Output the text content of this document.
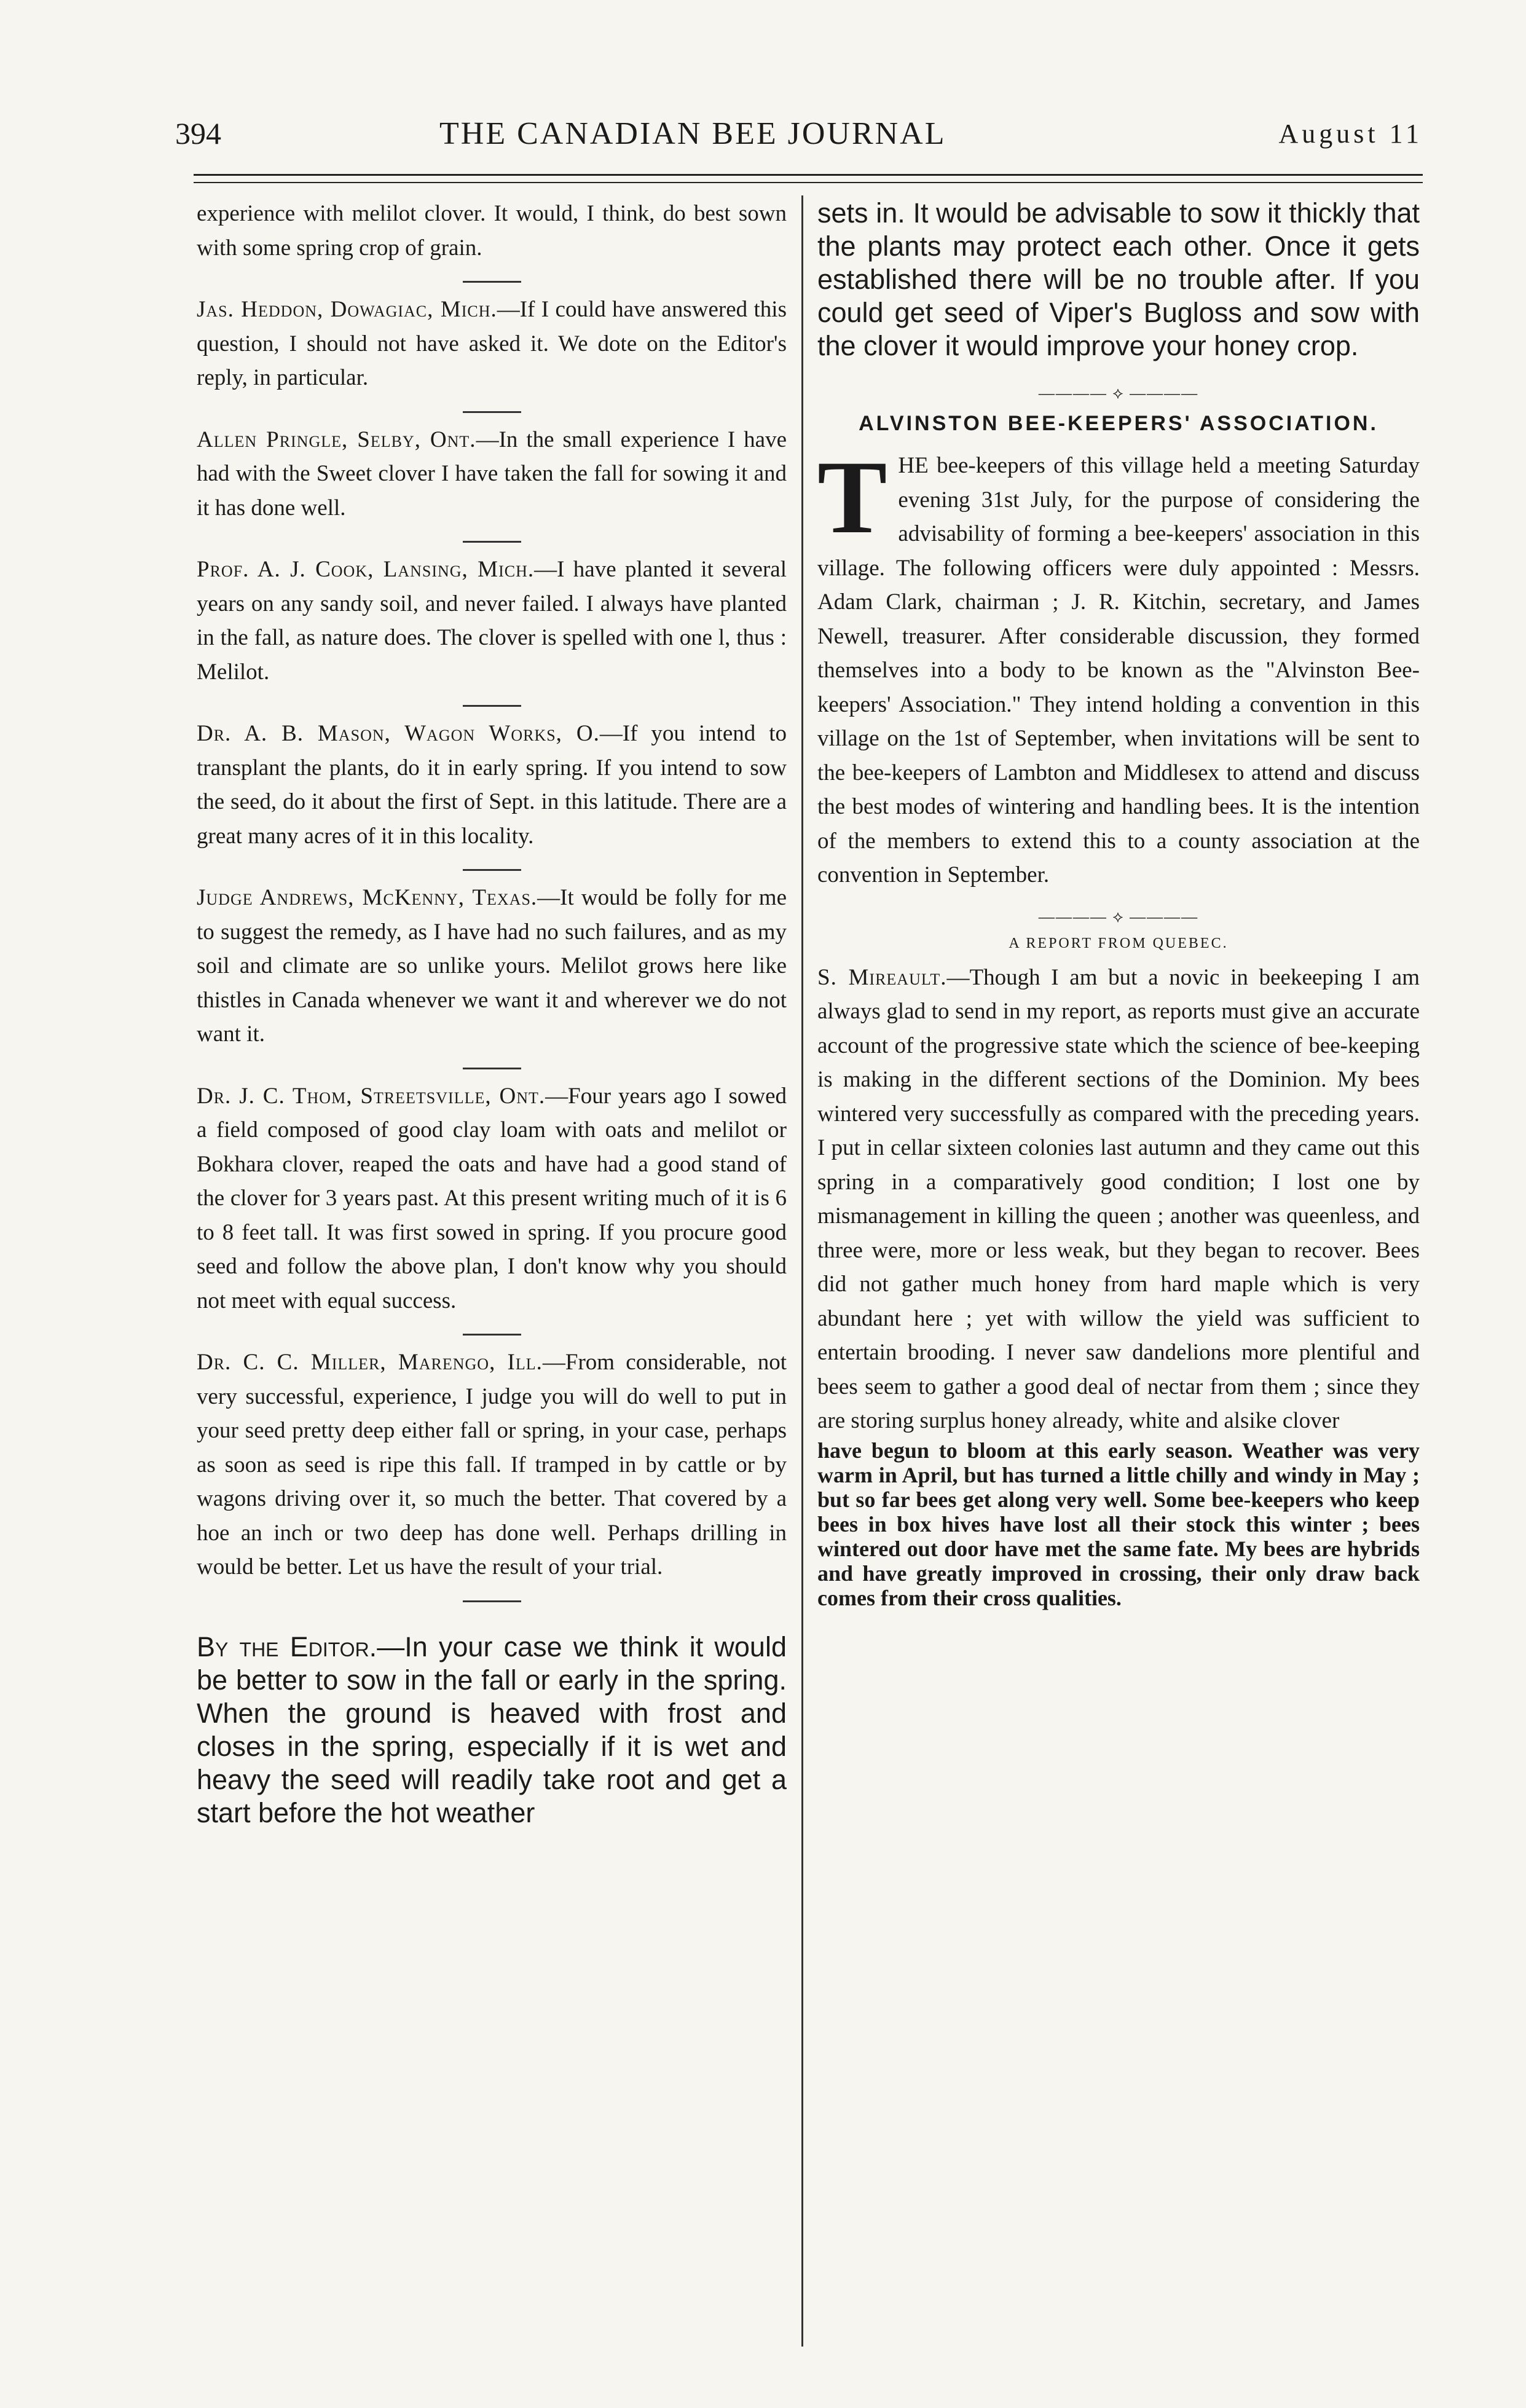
394	THE CANADIAN BEE JOURNAL	August 11

experience with melilot clover. It would, I think, do best sown with some spring crop of grain.

Jas. Heddon, Dowagiac, Mich.—If I could have answered this question, I should not have asked it. We dote on the Editor's reply, in particular.

Allen Pringle, Selby, Ont.—In the small experience I have had with the Sweet clover I have taken the fall for sowing it and it has done well.

Prof. A. J. Cook, Lansing, Mich.—I have planted it several years on any sandy soil, and never failed. I always have planted in the fall, as nature does. The clover is spelled with one l, thus : Melilot.

Dr. A. B. Mason, Wagon Works, O.—If you intend to transplant the plants, do it in early spring. If you intend to sow the seed, do it about the first of Sept. in this latitude. There are a great many acres of it in this locality.

Judge Andrews, McKenny, Texas.—It would be folly for me to suggest the remedy, as I have had no such failures, and as my soil and climate are so unlike yours. Melilot grows here like thistles in Canada whenever we want it and wherever we do not want it.

Dr. J. C. Thom, Streetsville, Ont.—Four years ago I sowed a field composed of good clay loam with oats and melilot or Bokhara clover, reaped the oats and have had a good stand of the clover for 3 years past. At this present writing much of it is 6 to 8 feet tall. It was first sowed in spring. If you procure good seed and follow the above plan, I don't know why you should not meet with equal success.

Dr. C. C. Miller, Marengo, Ill.—From considerable, not very successful, experience, I judge you will do well to put in your seed pretty deep either fall or spring, in your case, perhaps as soon as seed is ripe this fall. If tramped in by cattle or by wagons driving over it, so much the better. That covered by a hoe an inch or two deep has done well. Perhaps drilling in would be better. Let us have the result of your trial.

By the Editor.—In your case we think it would be better to sow in the fall or early in the spring. When the ground is heaved with frost and closes in the spring, especially if it is wet and heavy the seed will readily take root and get a start before the hot weather

sets in. It would be advisable to sow it thickly that the plants may protect each other. Once it gets established there will be no trouble after. If you could get seed of Viper's Bugloss and sow with the clover it would improve your honey crop.

———— ⟡ ————
ALVINSTON BEE-KEEPERS' ASSOCIATION.
T HE bee-keepers of this village held a meeting Saturday evening 31st July, for the purpose of considering the advisability of forming a bee-keepers' association in this village. The following officers were duly appointed : Messrs. Adam Clark, chairman ; J. R. Kitchin, secretary, and James Newell, treasurer. After considerable discussion, they formed themselves into a body to be known as the "Alvinston Bee-keepers' Association." They intend holding a convention in this village on the 1st of September, when invitations will be sent to the bee-keepers of Lambton and Middlesex to attend and discuss the best modes of wintering and handling bees. It is the intention of the members to extend this to a county association at the convention in September.

———— ⟡ ————
A REPORT FROM QUEBEC.

S. Mireault.—Though I am but a novic in beekeeping I am always glad to send in my report, as reports must give an accurate account of the progressive state which the science of bee-keeping is making in the different sections of the Dominion. My bees wintered very successfully as compared with the preceding years. I put in cellar sixteen colonies last autumn and they came out this spring in a comparatively good condition; I lost one by mismanagement in killing the queen ; another was queenless, and three were, more or less weak, but they began to recover. Bees did not gather much honey from hard maple which is very abundant here ; yet with willow the yield was sufficient to entertain brooding. I never saw dandelions more plentiful and bees seem to gather a good deal of nectar from them ; since they are storing surplus honey already, white and alsike clover

have begun to bloom at this early season. Weather was very warm in April, but has turned a little chilly and windy in May ; but so far bees get along very well. Some bee-keepers who keep bees in box hives have lost all their stock this winter ; bees wintered out door have met the same fate. My bees are hybrids and have greatly improved in crossing, their only draw back comes from their cross qualities.
